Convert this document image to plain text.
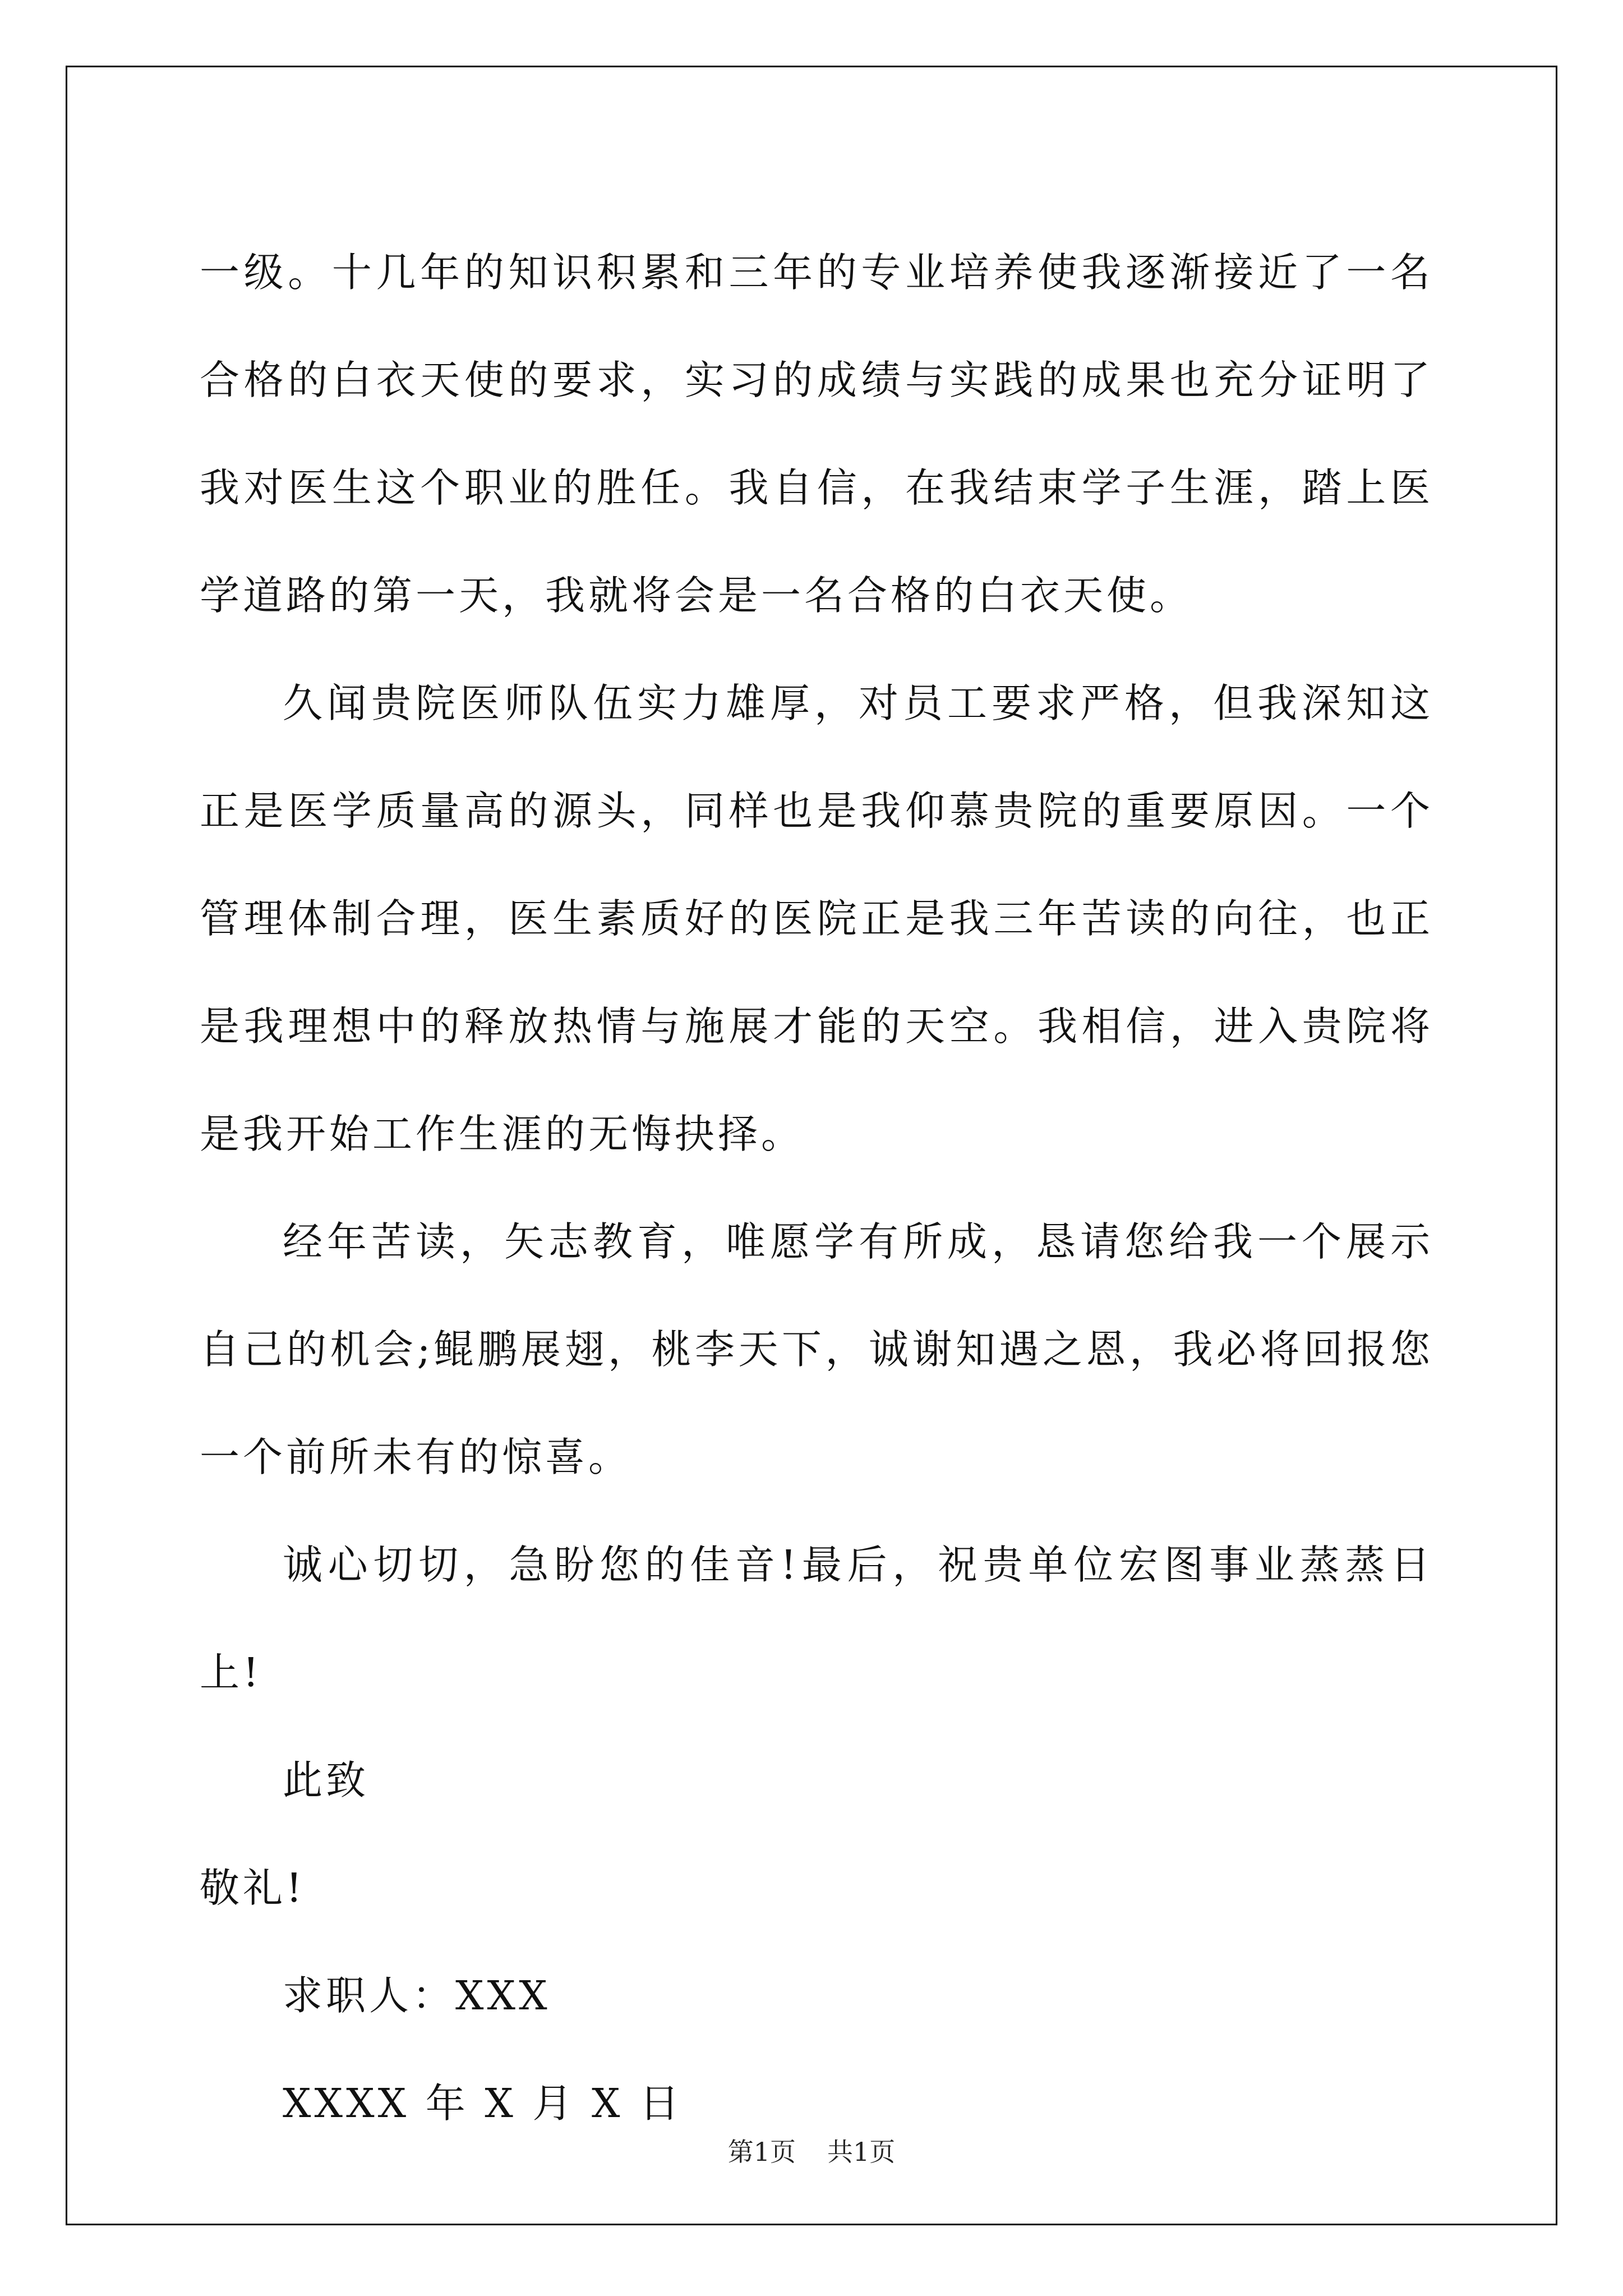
一级。十几年的知识积累和三年的专业培养使我逐渐接近了一名合格的白衣天使的要求，实习的成绩与实践的成果也充分证明了我对医生这个职业的胜任。我自信，在我结束学子生涯，踏上医学道路的第一天，我就将会是一名合格的白衣天使。

久闻贵院医师队伍实力雄厚，对员工要求严格，但我深知这正是医学质量高的源头，同样也是我仰慕贵院的重要原因。一个管理体制合理，医生素质好的医院正是我三年苦读的向往，也正是我理想中的释放热情与施展才能的天空。我相信，进入贵院将是我开始工作生涯的无悔抉择。

经年苦读，矢志教育，唯愿学有所成，恳请您给我一个展示自己的机会;鲲鹏展翅，桃李天下，诚谢知遇之恩，我必将回报您一个前所未有的惊喜。

诚心切切，急盼您的佳音!最后，祝贵单位宏图事业蒸蒸日上!

此致

敬礼!

求职人：XXX

XXXX 年 X 月 X 日

第1页 共1页
